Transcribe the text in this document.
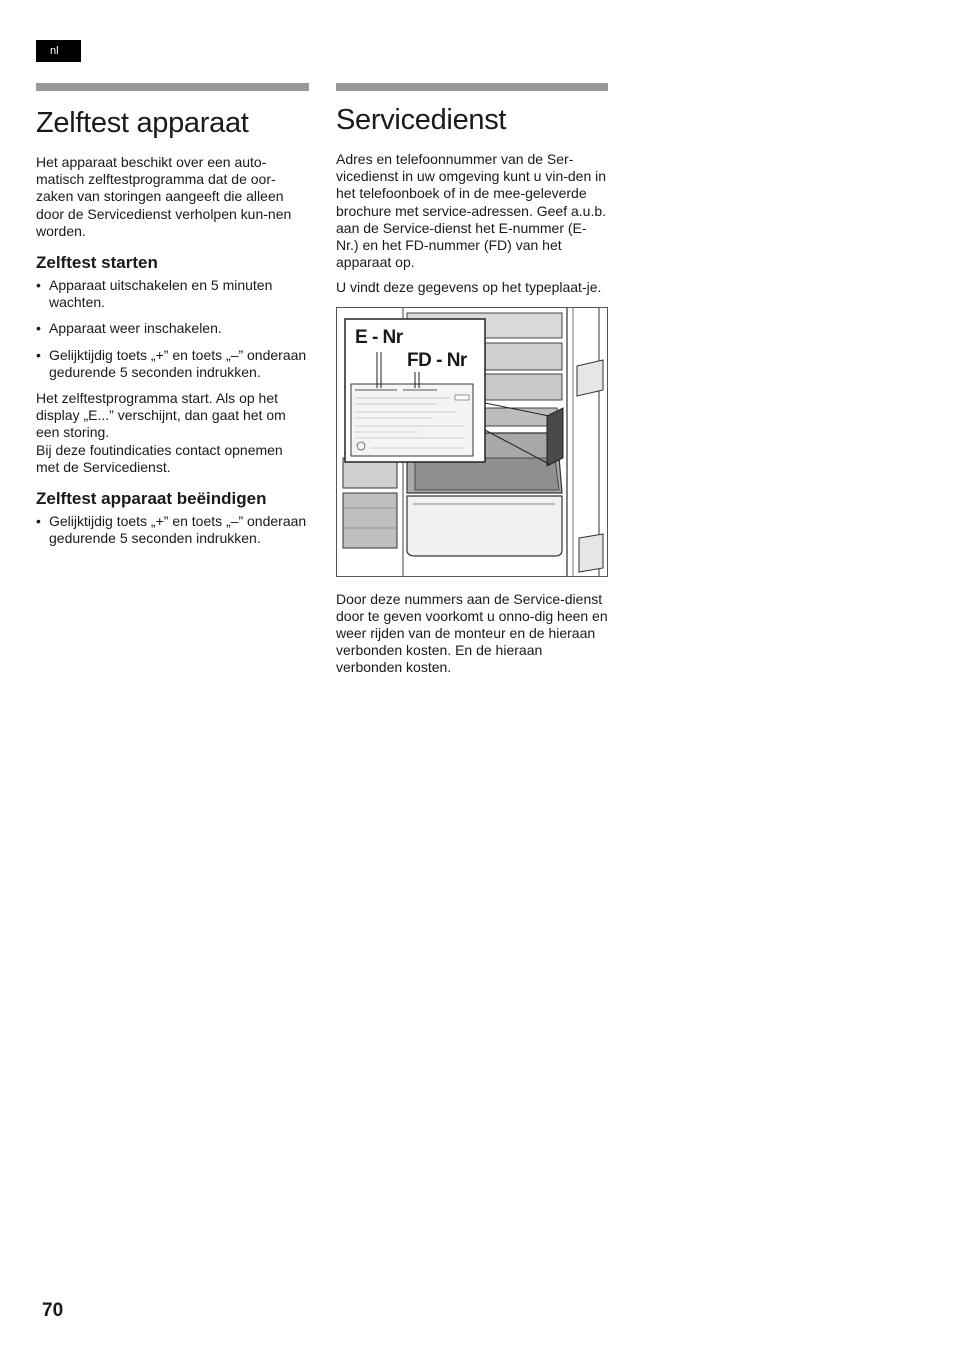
nl
Zelftest apparaat

Het apparaat beschikt over een auto-matisch zelftestprogramma dat de oor-zaken van storingen aangeeft die alleen door de Servicedienst verholpen kun-nen worden.

Zelftest starten
• Apparaat uitschakelen en 5 minuten wachten.
• Apparaat weer inschakelen.
• Gelijktijdig toets „+” en toets „–” onderaan gedurende 5 seconden indrukken.

Het zelftestprogramma start. Als op het display „E...” verschijnt, dan gaat het om een storing.

Bij deze foutindicaties contact opnemen met de Servicedienst.

Zelftest apparaat beëindigen
• Gelijktijdig toets „+” en toets „–” onderaan gedurende 5 seconden indrukken.
Servicedienst

Adres en telefoonnummer van de Ser-vicedienst in uw omgeving kunt u vin-den in het telefoonboek of in de mee-geleverde brochure met service-adressen. Geef a.u.b. aan de Service-dienst het E-nummer (E-Nr.) en het FD-nummer (FD) van het apparaat op.

U vindt deze gegevens op het typeplaat-je.

E - Nr
FD - Nr

Door deze nummers aan de Service-dienst door te geven voorkomt u onno-dig heen en weer rijden van de monteur en de hieraan verbonden kosten. En de hieraan verbonden kosten.

70
